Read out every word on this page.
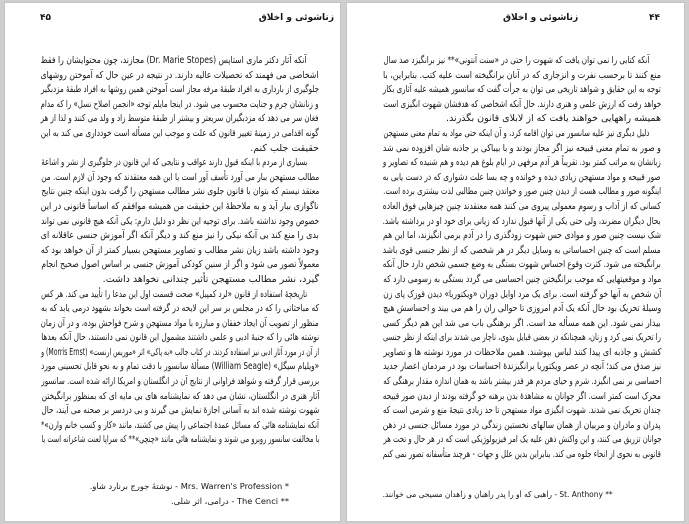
۴۵	زناشوئی و اخلاق
آنکه آثار دکتر ماری استاپس (Dr. Marie Stopes) مجازند، چون محتوایشان را فقط
اشخاصی می فهمند که تحصیلات عالیه دارند. در نتیجه در عین حال که آموختن روشهای
جلوگیری از بارداری به افراد طبقهٔ مرفه مجاز است آموختن همین روشها به افراد طبقهٔ مزدبگیر
و زنانشان جرم و جنایت محسوب می شود. در اینجا مایلم توجه «انجمن اصلاح نسل» را که مدام
فغان سر می دهد که مزدبگیران سریعتر و بیشتر از طبقهٔ متوسط زاد و ولد می کنند و لذا از هر
گونه اقدامی در زمینهٔ تغییر قانون که علت و موجب این مسأله است خودداری می کند به این
حقیقت جلب کنم.
بسیاری از مردم با اینکه قبول دارند عواقب و نتایجی که این قانون در جلوگیری از نشر و اشاعهٔ
مطالب مستهجن ببار می آورد تأسف آور است با این همه معتقدند که وجود آن لازم است. من
معتقد نیستم که بتوان با قانون جلوی نشر مطالب مستهجن را گرفت بدون اینکه چنین نتایج
ناگواری ببار آید و به ملاحظهٔ این حقیقت من همیشه موافقم که اساساً قانونی در این
خصوص وجود نداشته باشد. برای توجیه این نظر دو دلیل دارم: یکی آنکه هیچ قانونی نمی تواند
بدی را منع کند بی آنکه نیکی را نیز منع کند و دیگر آنکه اگر آموزش جنسی عاقلانه ای
وجود داشته باشد زیان نشر مطالب و تصاویر مستهجن بسیار کمتر از آن خواهد بود که
معمولاً تصور می شود و اگر از سنین کودکی آموزش جنسی بر اساس اصول صحیح انجام
گیرد، نشر مطالب مستهجن تأثیر چندانی نخواهد داشت.
تاریخچهٔ استفاده از قانون «لرد کمپبل» صحت قسمت اول این مدعا را تأیید می کند. هر کس
که مباحثاتی را که در مجلس بر سر این لایحه در گرفته است بخواند بشهود درمی یابد که به
منظور از تصویب آن ایجاد خفقان و مبارزه با مواد مستهجن و شرح فواحش بوده، و در آن زمان
نوشته هائی را که جنبهٔ ادبی و علمی داشتند مشمول این قانون نمی دانستند، حال آنکه بعدها
از آن در مورد آثار ادبی نیز استفاده کردند. در کتاب جالب «به پاکی» اثر «موریس ارنست» (Morris Ernst) و
«ویلیام سیگل» (William Seagle) مسألهٔ سانسور با دقت تمام و به نحو قابل تحسینی مورد
بررسی قرار گرفته و شواهد فراوانی از نتایج آن در انگلستان و امریکا ارائه شده است. سانسور
آثار هنری در انگلستان، نشان می دهد که نمایشنامه های بی مایه ای که بمنظور برانگیختن
شهوت نوشته شده اند به آسانی اجازهٔ نمایش می گیرند و بی دردسر بر صحنه می آیند، حال
آنکه نمایشنامه هائی که مسائل عمدهٔ اجتماعی را پیش می کشند، مانند «کار و کسب خانم وارن»*
با مخالفت سانسور روبرو می شوند و نمایشنامه هائی مانند «چنچی»** که سراپا لعنت شاعرانه است با
* Mrs. Warren's Profession - نوشتهٔ جورج برنارد شاو.
** The Cenci - درامی، اثر شلی.
۴۴
زناشوئی و اخلاق
آنکه کتابی را نمی توان یافت که شهوت را حتی در «سنت آنتونی»** نیز برانگیزد صد سال
منع کنند تا برحسب نفرت و انزجاری که در آنان برانگیخته است علیه کتب. بنابراین، با
توجه به این حقایق و شواهد تاریخی می توان به جرأت گفت که سانسور همیشه علیه آثاری بکار
خواهد رفت که ارزش علمی و هنری دارند. حال آنکه اشخاصی که هدفشان شهوت انگیزی است
همیشه راههایی خواهند یافت که از لابلای قانون بگذرند.
دلیل دیگری نیز علیه سانسور می توان اقامه کرد، و آن اینکه حتی مواد به تمام معنی مستهجن
و صور به تمام معنی قبیحه نیز اگر مجاز بودند و با بیباکی بر جاذبه شان افزوده نمی شد
زیانشان به مراتب کمتر بود. تقریباً هر آدم مرفهی در ایام بلوغ هم دیده و هم شنیده که تصاویر و
صور قبیحه و مواد مستهجن زیادی دیده و خوانده و چه بسا علت دشواری که در دست یابی به
اینگونه صور و مطالب هست از دیدن چنین صور و خواندن چنین مطالبی لذت بیشتری برده است.
کسانی که از آداب و رسوم معمولی پیروی می کنند همه معتقدند چنین چیزهایی فوق العاده
بحال دیگران مضرند، ولی حتی یکی از آنها قبول ندارد که زیانی برای خود او در برداشته باشد.
شک نیست چنین صور و موادی حس شهوت زودگذری را در آدم برمی انگیزند، اما این هم
مسلم است که چنین احساساتی به وسایل دیگر در هر شخصی که از نظر جنسی قوی باشد
برانگیخته می شود. کثرت وقوع احساس شهوت بستگی به وضع جسمی شخص دارد حال آنکه
مواد و موقعیتهایی که موجب برانگیختن چنین احساسی می گردد بستگی به رسومی دارد که
آن شخص به آنها خو گرفته است. برای یک مرد اوایل دوران «ویکتوریا» دیدن قوزک پای زن
وسیلهٔ تحریک بود حال آنکه یک آدم امروزی تا حوالی ران را هم می بیند و احساسش هیچ
بیدار نمی شود. این همه مسأله مد است. اگر برهنگی باب می شد این هم دیگر کسی
را تحریک نمی کرد و زنان، همچنانکه در بعضی قبایل بدوی، ناچار می شدند برای اینکه از نظر جنسی
کشش و جاذبه ای پیدا کنند لباس بپوشند. همین ملاحظات در مورد نوشته ها و تصاویر
نیز صدق می کند؛ آنچه در عصر ویکتوریا برانگیزندهٔ احساسات بود در مردمان اعصار جدید
احساسی بر نمی انگیزد. شرم و حیای مردم هر قدر بیشتر باشد به همان اندازه مقدار برهنگی که
محرک است کمتر است. اگر جوانان به مشاهدهٔ بدن برهنه خو گرفته بودند از دیدن صور قبیحه
چندان تحریک نمی شدند. شهوت انگیزی مواد مستهجن تا حد زیادی نتیجهٔ منع و شرمی است که
پدران و مادران و مربیان از همان سالهای نخستین زندگی در مورد مسائل جنسی در ذهن
جوانان تزریق می کنند، و این واکنش ذهن علیه یک امر فیزیولوژیکی است که در هر حال و تحت هر
قانونی به نحوی از انحاء جلوه می کند. بنابراین بدین علل و جهات - هرچند متأسفانه تصور نمی کنم
** St. Anthony - راهبی که او را پدر راهبان و زاهدان مسیحی می خوانند.
